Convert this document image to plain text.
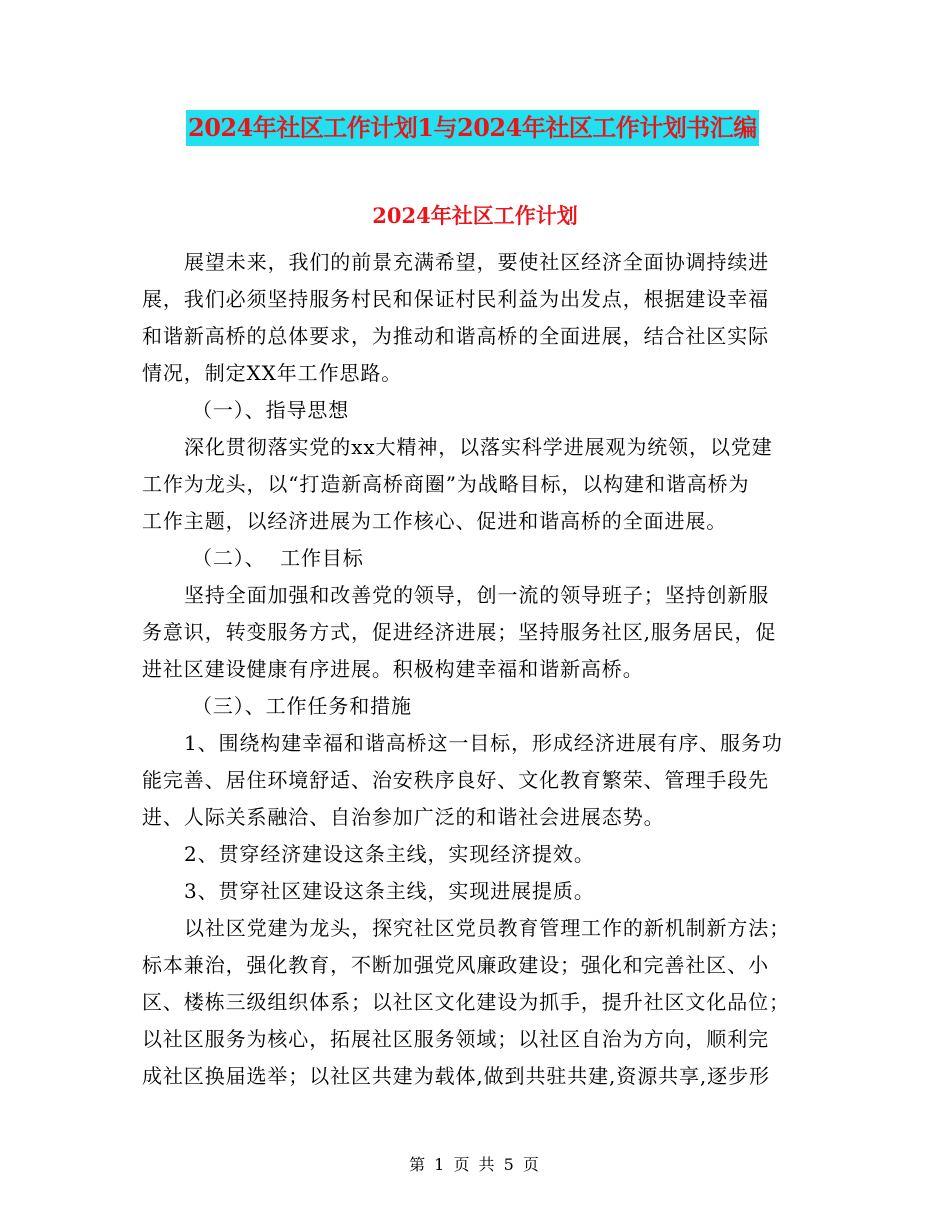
2024年社区工作计划1与2024年社区工作计划书汇编
2024年社区工作计划
展望未来，我们的前景充满希望，要使社区经济全面协调持续进
展，我们必须坚持服务村民和保证村民利益为出发点，根据建设幸福
和谐新高桥的总体要求，为推动和谐高桥的全面进展，结合社区实际
情况，制定XX年工作思路。
（一）、指导思想
深化贯彻落实党的xx大精神，以落实科学进展观为统领，以党建
工作为龙头，以“打造新高桥商圈”为战略目标，以构建和谐高桥为
工作主题，以经济进展为工作核心、促进和谐高桥的全面进展。
（二）、  工作目标
坚持全面加强和改善党的领导，创一流的领导班子；坚持创新服
务意识，转变服务方式，促进经济进展；坚持服务社区,服务居民，促
进社区建设健康有序进展。积极构建幸福和谐新高桥。
（三）、工作任务和措施
1、围绕构建幸福和谐高桥这一目标，形成经济进展有序、服务功
能完善、居住环境舒适、治安秩序良好、文化教育繁荣、管理手段先
进、人际关系融洽、自治参加广泛的和谐社会进展态势。
2、贯穿经济建设这条主线，实现经济提效。
3、贯穿社区建设这条主线，实现进展提质。
以社区党建为龙头，探究社区党员教育管理工作的新机制新方法；
标本兼治，强化教育，不断加强党风廉政建设；强化和完善社区、小
区、楼栋三级组织体系；以社区文化建设为抓手，提升社区文化品位；
以社区服务为核心，拓展社区服务领域；以社区自治为方向，顺利完
成社区换届选举；以社区共建为载体,做到共驻共建,资源共享,逐步形
第 1 页 共 5 页
